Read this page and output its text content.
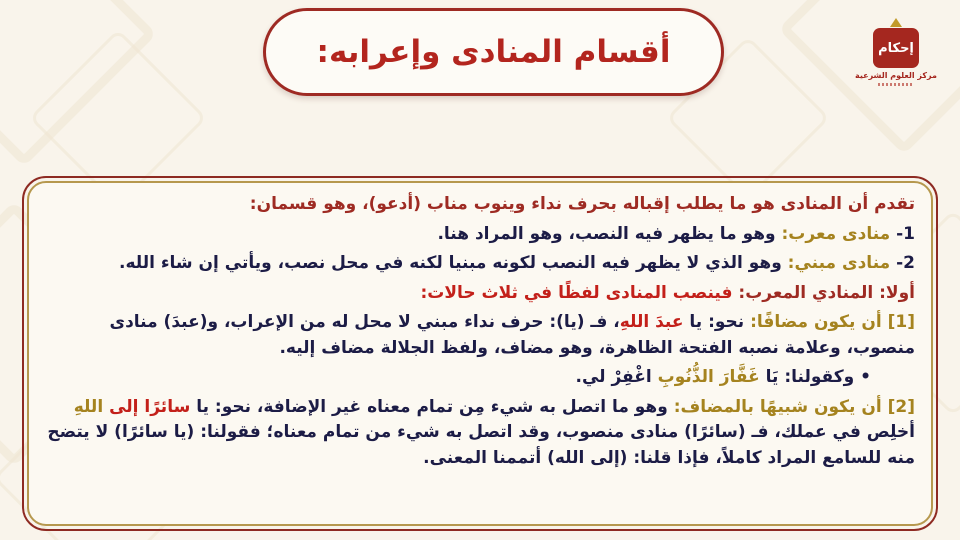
أقسام المنادى وإعرابه:	إحكام
مركز العلوم الشرعية

تقدم أن المنادى هو ما يطلب إقباله بحرف نداء وينوب مناب (أدعو)، وهو قسمان:

1- منادى معرب: وهو ما يظهر فيه النصب، وهو المراد هنا.

2- منادى مبني: وهو الذي لا يظهر فيه النصب لكونه مبنيا لكنه في محل نصب، ويأتي إن شاء الله.

أولا: المنادي المعرب: فينصب المنادى لفظًا في ثلاث حالات:

[1] أن يكون مضافًا: نحو: يا عبدَ اللهِ، فـ (يا): حرف نداء مبني لا محل له من الإعراب، و(عبدَ) منادى منصوب، وعلامة نصبه الفتحة الظاهرة، وهو مضاف، ولفظ الجلالة مضاف إليه.

• وكقولنا: يَا غَفَّارَ الذُّنُوبِ اغْفِرْ لي.

[2] أن يكون شبيهًا بالمضاف: وهو ما اتصل به شيء مِن تمام معناه غير الإضافة، نحو: يا سائرًا إلى اللهِ أخلِص في عملك، فـ (سائرًا) منادى منصوب، وقد اتصل به شيء من تمام معناه؛ فقولنا: (يا سائرًا) لا يتضح منه للسامع المراد كاملاً، فإذا قلنا: (إلى الله) أتممنا المعنى.
